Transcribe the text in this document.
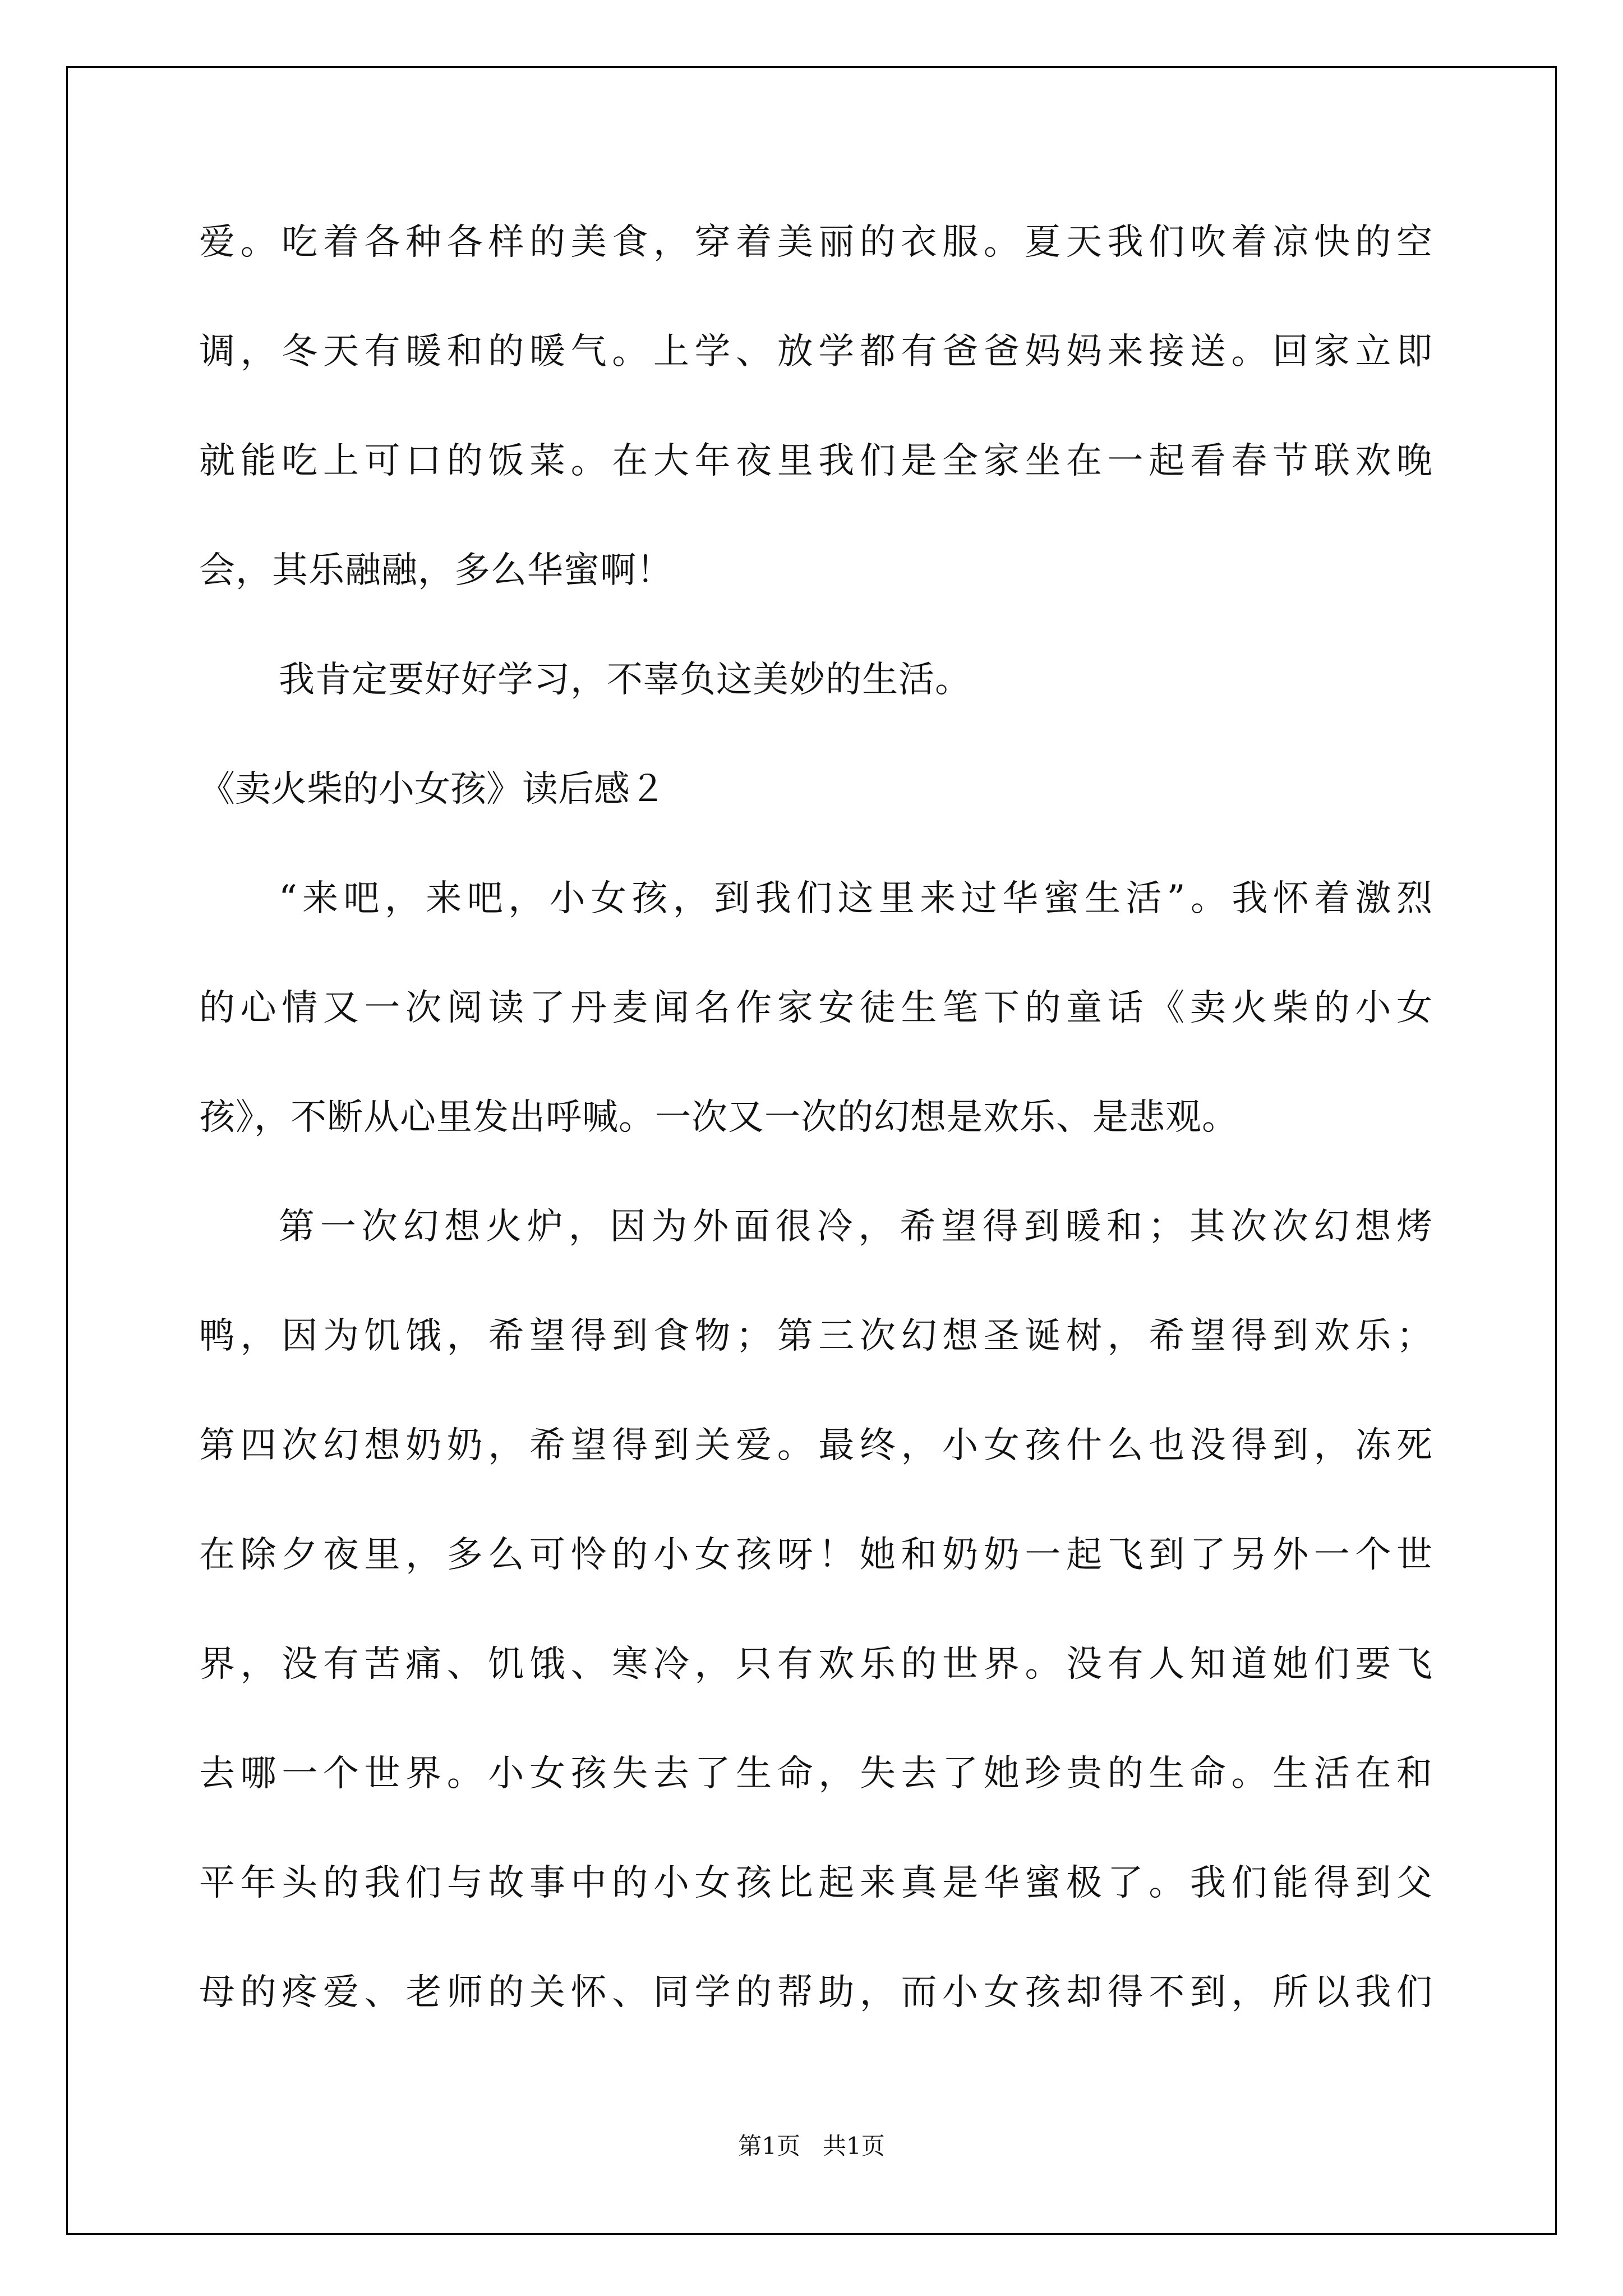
爱。吃着各种各样的美食，穿着美丽的衣服。夏天我们吹着凉快的空
调，冬天有暖和的暖气。上学、放学都有爸爸妈妈来接送。回家立即
就能吃上可口的饭菜。在大年夜里我们是全家坐在一起看春节联欢晚
会，其乐融融，多么华蜜啊！
我肯定要好好学习，不辜负这美妙的生活。
《卖火柴的小女孩》读后感２
“来吧，来吧，小女孩，到我们这里来过华蜜生活”。我怀着激烈
的心情又一次阅读了丹麦闻名作家安徒生笔下的童话《卖火柴的小女
孩》，不断从心里发出呼喊。一次又一次的幻想是欢乐、是悲观。
第一次幻想火炉，因为外面很冷，希望得到暖和；其次次幻想烤
鸭，因为饥饿，希望得到食物；第三次幻想圣诞树，希望得到欢乐；
第四次幻想奶奶，希望得到关爱。最终，小女孩什么也没得到，冻死
在除夕夜里，多么可怜的小女孩呀！她和奶奶一起飞到了另外一个世
界，没有苦痛、饥饿、寒冷，只有欢乐的世界。没有人知道她们要飞
去哪一个世界。小女孩失去了生命，失去了她珍贵的生命。生活在和
平年头的我们与故事中的小女孩比起来真是华蜜极了。我们能得到父
母的疼爱、老师的关怀、同学的帮助，而小女孩却得不到，所以我们
第1页   共1页
